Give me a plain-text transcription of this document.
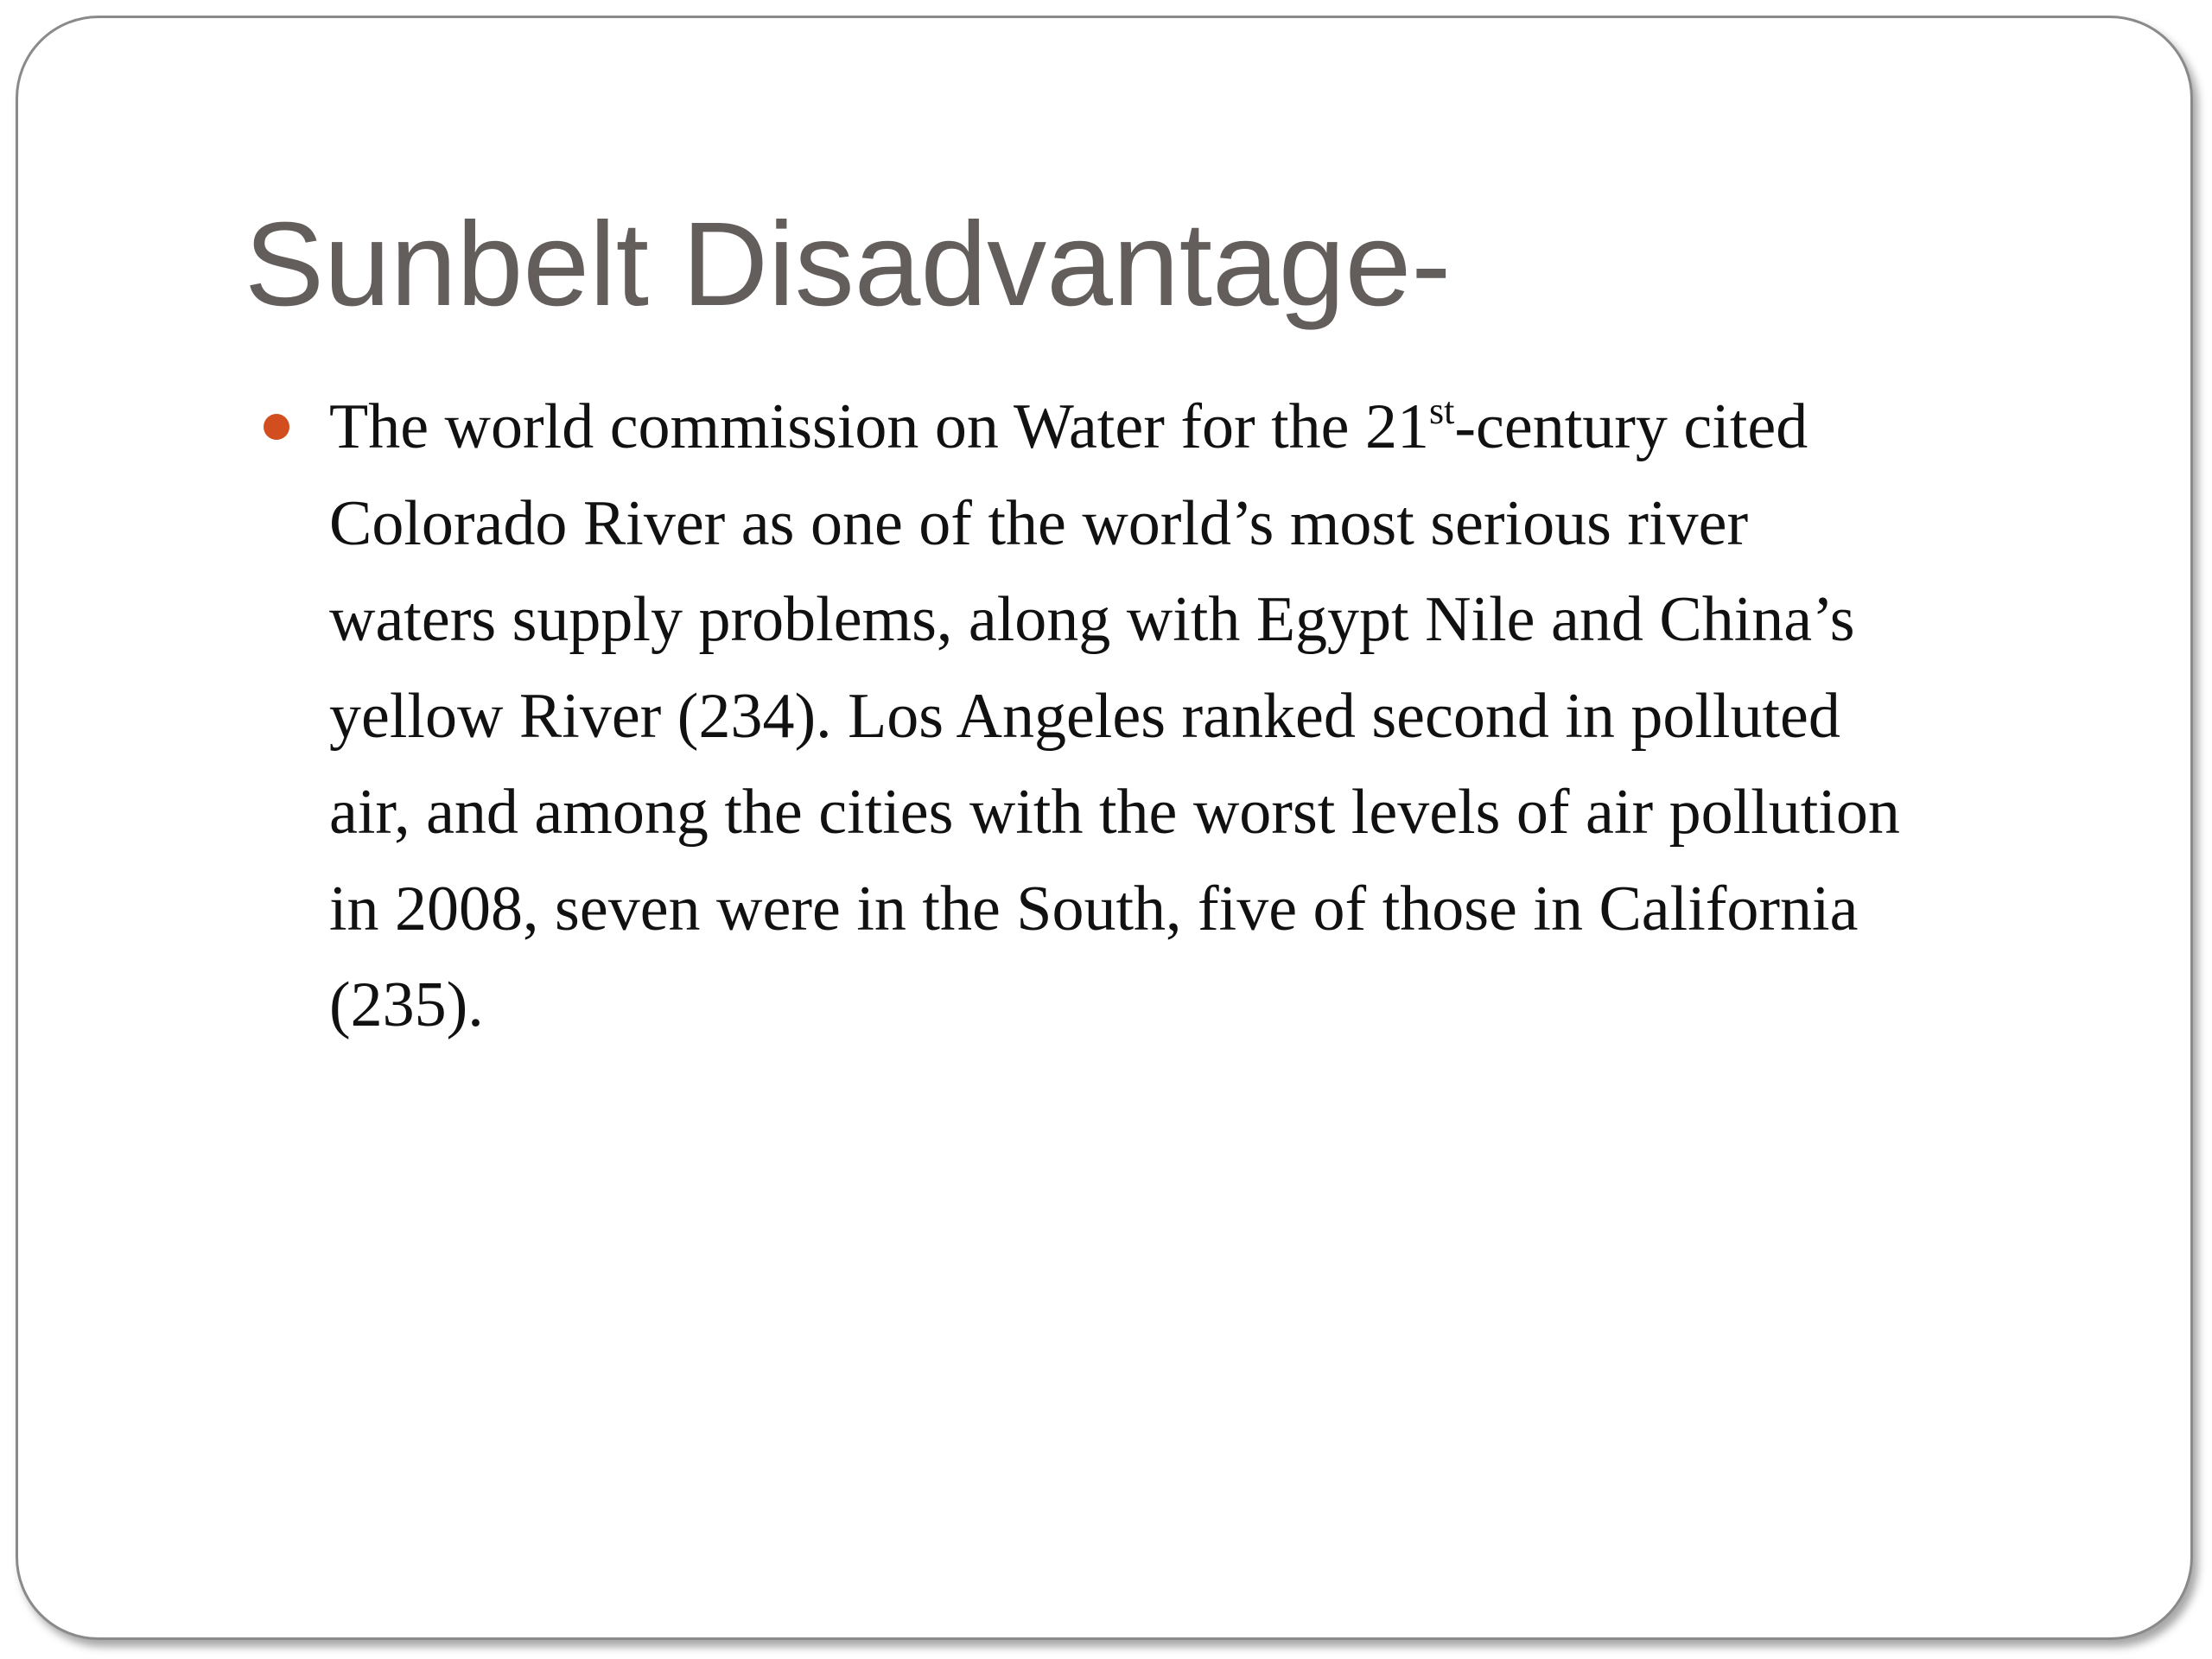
Sunbelt Disadvantage-

The world commission on Water for the 21st-century cited
Colorado River as one of the world’s most serious river
waters supply problems, along with Egypt Nile and China’s
yellow River (234). Los Angeles ranked second in polluted
air, and among the cities with the worst levels of air pollution
in 2008, seven were in the South, five of those in California
(235).
